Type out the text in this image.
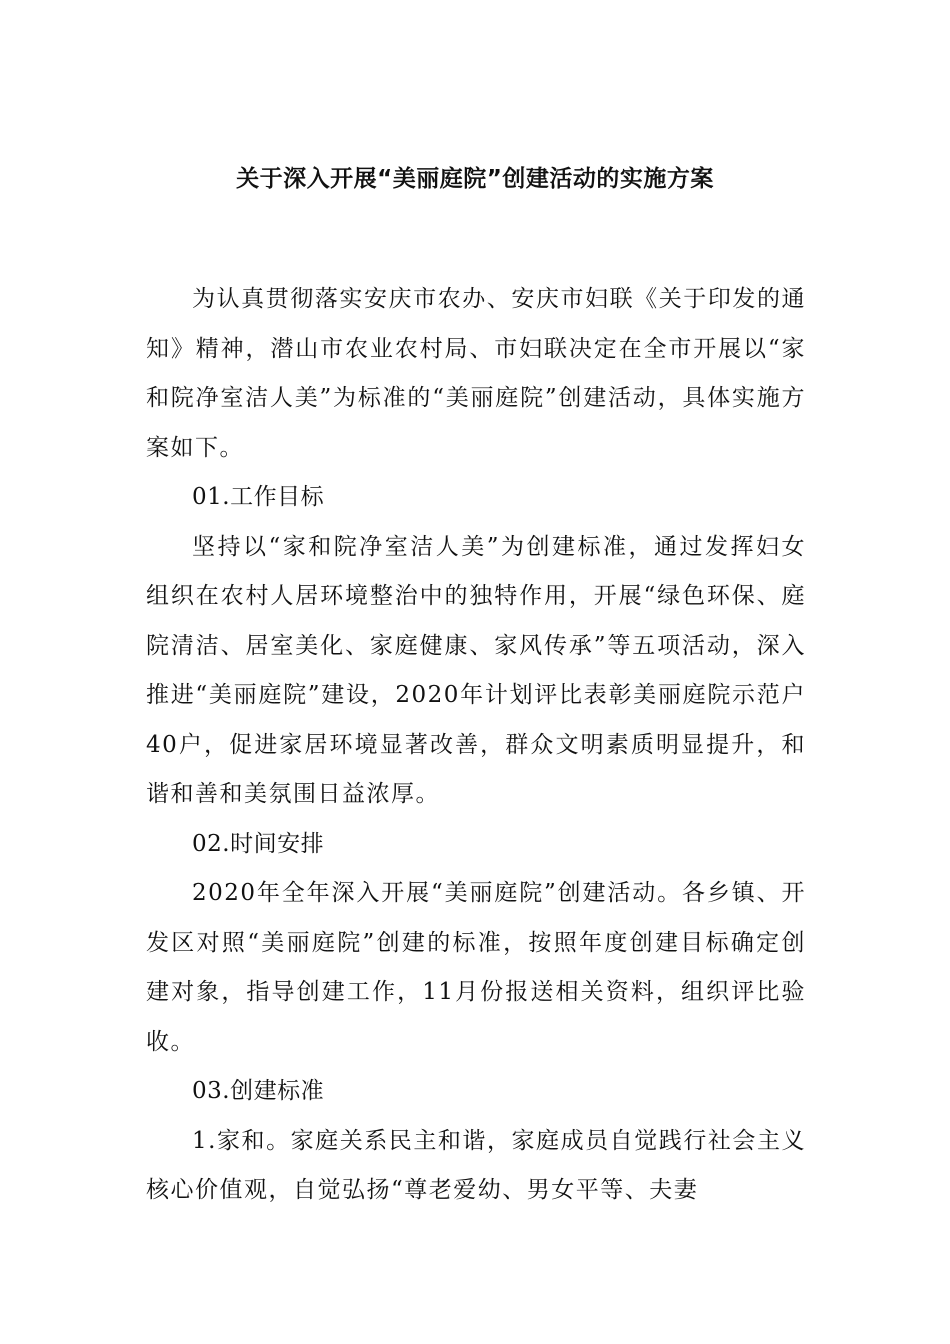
关于深入开展“美丽庭院”创建活动的实施方案

为认真贯彻落实安庆市农办、安庆市妇联《关于印发的通知》精神，潜山市农业农村局、市妇联决定在全市开展以“家和院净室洁人美”为标准的“美丽庭院”创建活动，具体实施方案如下。

01.工作目标

坚持以“家和院净室洁人美”为创建标准，通过发挥妇女组织在农村人居环境整治中的独特作用，开展“绿色环保、庭院清洁、居室美化、家庭健康、家风传承”等五项活动，深入推进“美丽庭院”建设，2020年计划评比表彰美丽庭院示范户40户，促进家居环境显著改善，群众文明素质明显提升，和谐和善和美氛围日益浓厚。

02.时间安排

2020年全年深入开展“美丽庭院”创建活动。各乡镇、开发区对照“美丽庭院”创建的标准，按照年度创建目标确定创建对象，指导创建工作，11月份报送相关资料，组织评比验收。

03.创建标准

1.家和。家庭关系民主和谐，家庭成员自觉践行社会主义核心价值观，自觉弘扬“尊老爱幼、男女平等、夫妻
